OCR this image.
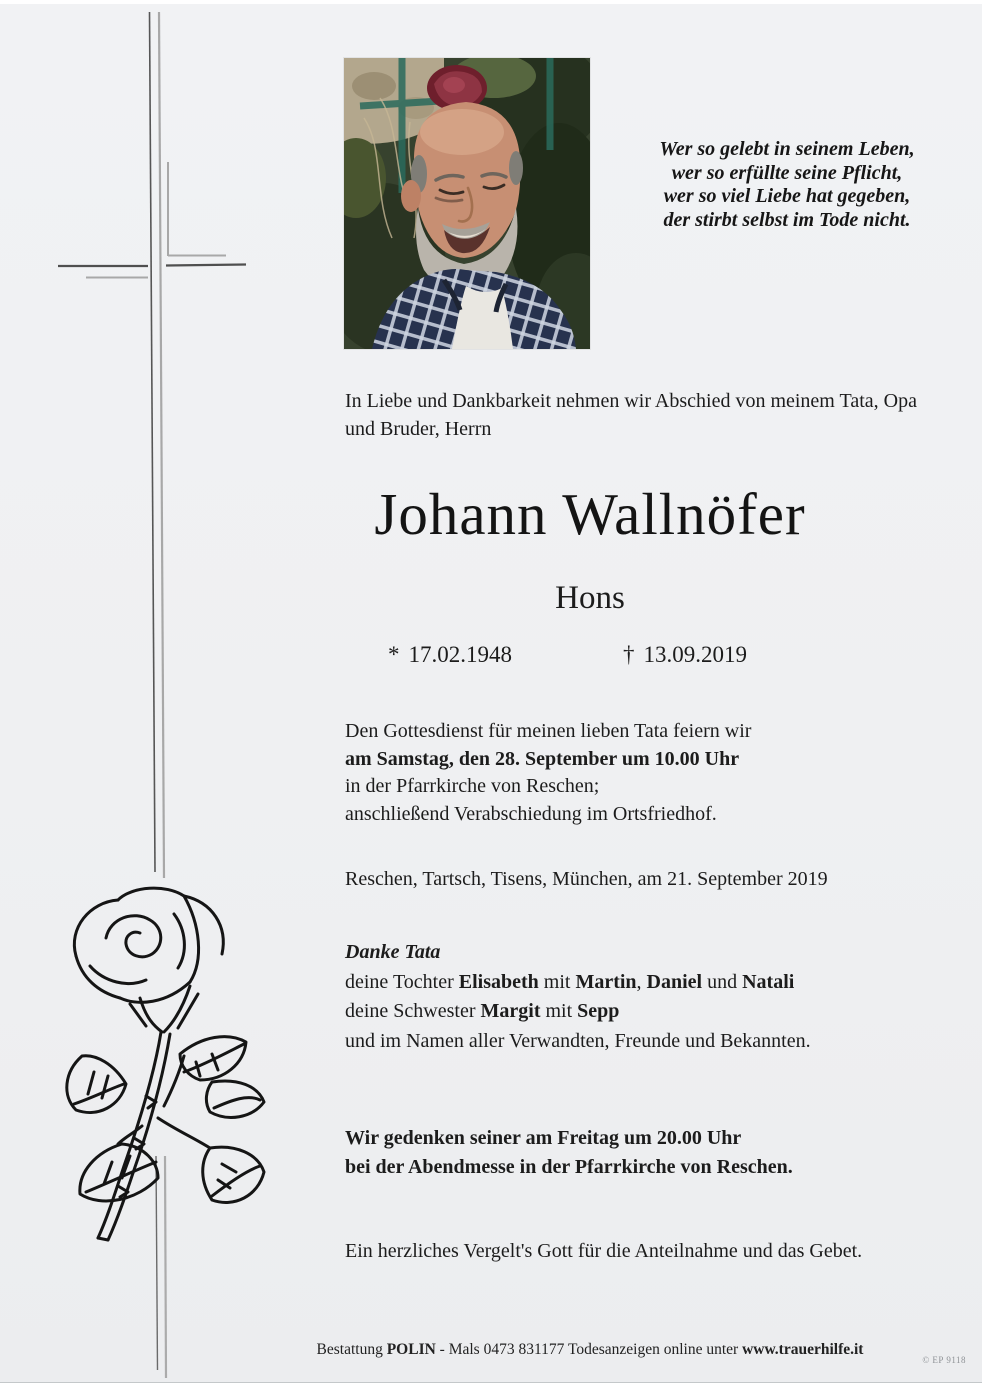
Wer so gelebt in seinem Leben,
wer so erfüllte seine Pflicht,
wer so viel Liebe hat gegeben,
der stirbt selbst im Tode nicht.
In Liebe und Dankbarkeit nehmen wir Abschied von meinem Tata, Opa
und Bruder, Herrn
Johann Wallnöfer
Hons
* 17.02.1948	† 13.09.2019
Den Gottesdienst für meinen lieben Tata feiern wir
am Samstag, den 28. September um 10.00 Uhr
in der Pfarrkirche von Reschen;
anschließend Verabschiedung im Ortsfriedhof.
Reschen, Tartsch, Tisens, München, am 21. September 2019
Danke Tata
deine Tochter Elisabeth mit Martin, Daniel und Natali
deine Schwester Margit mit Sepp
und im Namen aller Verwandten, Freunde und Bekannten.
Wir gedenken seiner am Freitag um 20.00 Uhr
bei der Abendmesse in der Pfarrkirche von Reschen.
Ein herzliches Vergelt's Gott für die Anteilnahme und das Gebet.
Bestattung POLIN - Mals 0473 831177 Todesanzeigen online unter www.trauerhilfe.it
© EP 9118
